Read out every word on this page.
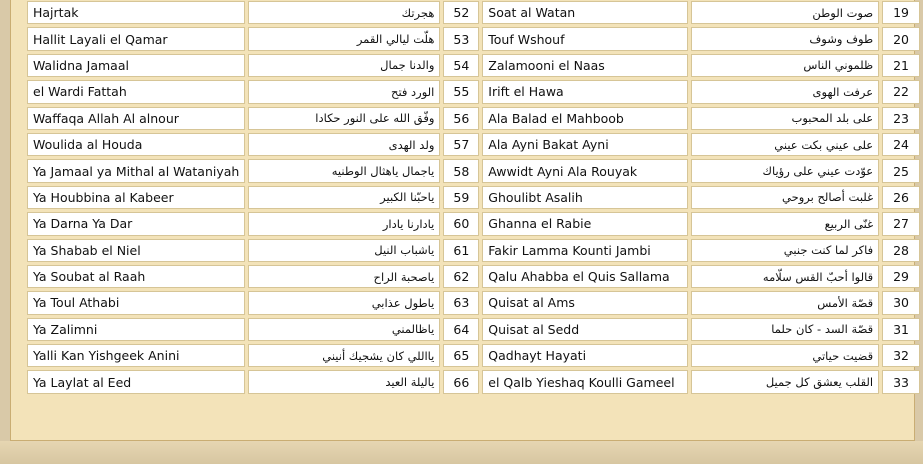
Hajrtak	هجرتك	52	Soat al Watan	صوت الوطن	19
Hallit Layali el Qamar	هلّت ليالي القمر	53	Touf Wshouf	طوف وشوف	20
Walidna Jamaal	والدنا جمال	54	Zalamooni el Naas	ظلموني الناس	21
el Wardi Fattah	الورد فتح	55	Irift el Hawa	عرفت الهوى	22
Waffaqa Allah Al alnour	وفّق الله على النور حكادا	56	Ala Balad el Mahboob	على بلد المحبوب	23
Woulida al Houda	ولد الهدى	57	Ala Ayni Bakat Ayni	على عيني بكت عيني	24
Ya Jamaal ya Mithal al Wataniyah	ياجمال ياهثال الوطنيه	58	Awwidt Ayni Ala Rouyak	عوّدت عيني على رؤياك	25
Ya Houbbina al Kabeer	ياحبّنا الكبير	59	Ghoulibt Asalih	غلبت أصالح بروحي	26
Ya Darna Ya Dar	يادارنا يادار	60	Ghanna el Rabie	غنّى الربيع	27
Ya Shabab el Niel	ياشباب النيل	61	Fakir Lamma Kounti Jambi	فاكر لما كنت جنبي	28
Ya Soubat al Raah	ياصحبة الراح	62	Qalu Ahabba el Quis Sallama	قالوا أحبّ القس سلّامه	29
Ya Toul Athabi	ياطول عذابي	63	Quisat al Ams	قصّة الأمس	30
Ya Zalimni	ياظالمني	64	Quisat al Sedd	قصّة السد - كان حلما	31
Yalli Kan Yishgeek Anini	يااللي كان يشجيك أنيني	65	Qadhayt Hayati	قضيت حياتي	32
Ya Laylat al Eed	ياليلة العيد	66	el Qalb Yieshaq Koulli Gameel	القلب يعشق كل جميل	33
